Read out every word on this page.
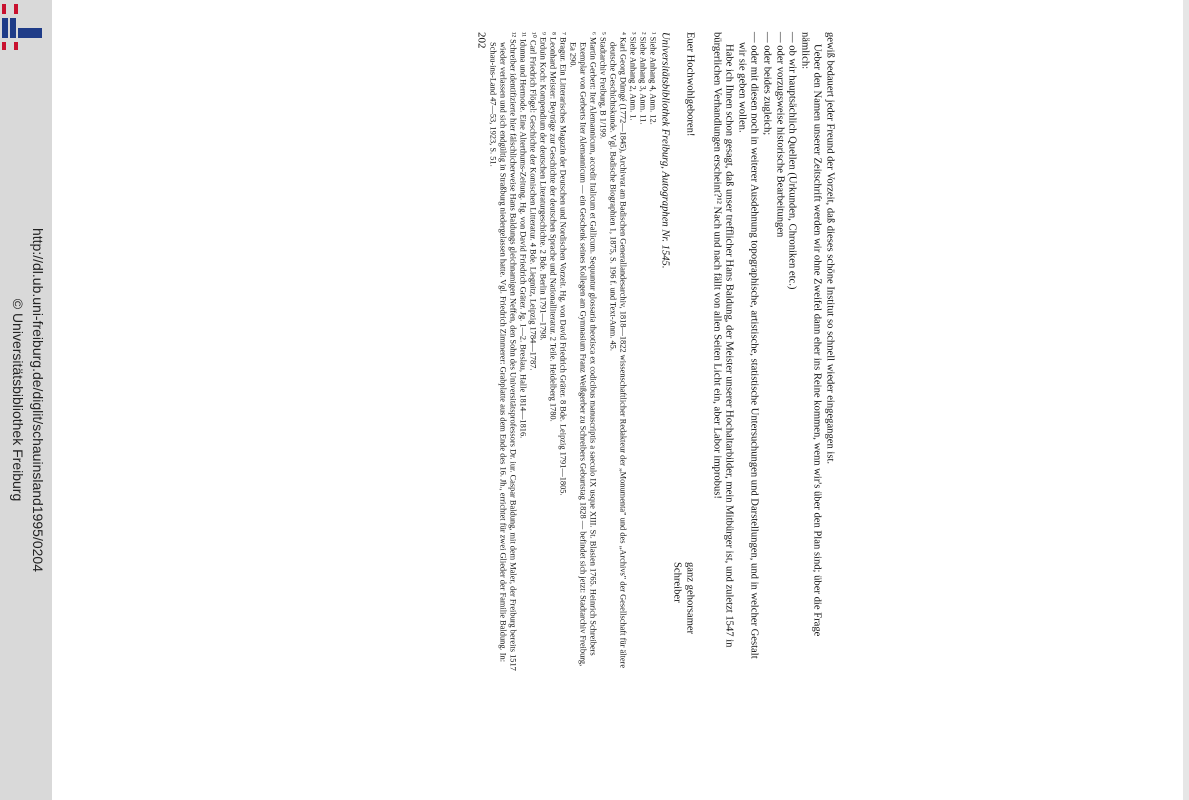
http://dl.ub.uni-freiburg.de/diglit/schauinsland1995/0204
© Universitätsbibliothek Freiburg	gewiß bedauert jeder Freund der Vorzeit, daß dieses schöne Institut so schnell wieder eingegangen ist.

Ueber den Namen unserer Zeitschrift werden wir ohne Zweifel dann eher ins Reine kommen, wenn wir's über den Plan sind; über die Frage nämlich:

— ob wir hauptsächlich Quellen (Urkunden, Chroniken etc.)

— oder vorzugsweise historische Bearbeitungen

— oder beides zugleich;

— oder mit diesen noch in weiterer Ausdehnung topographische, artistische, statistische Untersuchungen und Darstellungen, und in welcher Gestalt wir sie geben wollen.

Habe ich Ihnen schon gesagt, daß unser trefflicher Hans Baldung, der Meister unserer Hochaltarbilder, mein Mitbürger ist, und zuletzt 1547 in bürgerlichen Verhandlungen erscheint?¹² Nach und nach fällt von allen Seiten Licht ein, aber Labor improbus!

Euer Hochwohlgeboren!
ganz gehorsamer
Schreiber

Universitätsbibliothek Freiburg, Autographen Nr. 1545.

¹ Siehe Anhang 4, Anm. 12.

² Siehe Anhang 3, Anm. 11.

³ Siehe Anhang 2, Anm. 1.

⁴ Karl Georg Dümgé (1772—1845), Archivrat am Badischen Generallandesarchiv, 1818—1822 wissenschaftlicher Redakteur der „Monumenta" und des „Archivs" der Gesellschaft für ältere deutsche Geschichtskunde. Vgl. Badische Biographien 1, 1875, S. 196 f. und Text-Anm. 45.

⁵ Stadtarchiv Freiburg, B 1/199.

⁶ Martin Gerbert: Iter Alemannicum, accedit Italicum et Gallicum. Sequuntur glossaria theotisca ex codicibus manuscriptis a saeculo IX usque XIII. St. Blasien 1765. Heinrich Schreibers Exemplar von Gerberts Iter Alemannicum — ein Geschenk seines Kollegen am Gymnasium Franz Weißgerber zu Schreibers Geburtstag 1828 — befindet sich jetzt: Stadtarchiv Freiburg, Ea 290.

⁷ Bragur. Ein Litterarisches Magazin der Deutschen und Nordischen Vorzeit. Hg. von David Friedrich Gräter. 8 Bde. Leipzig 1791—1805.

⁸ Leonhard Meister: Beyträge zur Geschichte der deutschen Sprache und Nationalliteratur. 2 Teile. Heidelberg 1780.

⁹ Erduin Koch: Kompendium der deutschen Literaturgeschichte. 2 Bde. Berlin 1791—1798.

¹⁰ Carl Friedrich Flögel: Geschichte der Komischen Litteratur. 4 Bde. Liegnitz, Leipzig 1784—1787.

¹¹ Idunna und Hermode. Eine Alterthums-Zeitung. Hg. von David Friedrich Gräter. Jg. 1—2. Breslau, Halle 1814—1816.

¹² Schreiber identifizierte hier fälschlicherweise Hans Baldungs gleichnamigen Neffen, den Sohn des Universitätsprofessors Dr. iur. Caspar Baldung, mit dem Maler, der Freiburg bereits 1517 wieder verlassen und sich endgültig in Straßburg niedergelassen hatte. Vgl. Friedrich Zimmerer: Grabplatte aus dem Ende des 16. Jh., errichtet für zwei Glieder der Familie Baldung. In: Schau-ins-Land 47—53, 1923, S. 51.

202
